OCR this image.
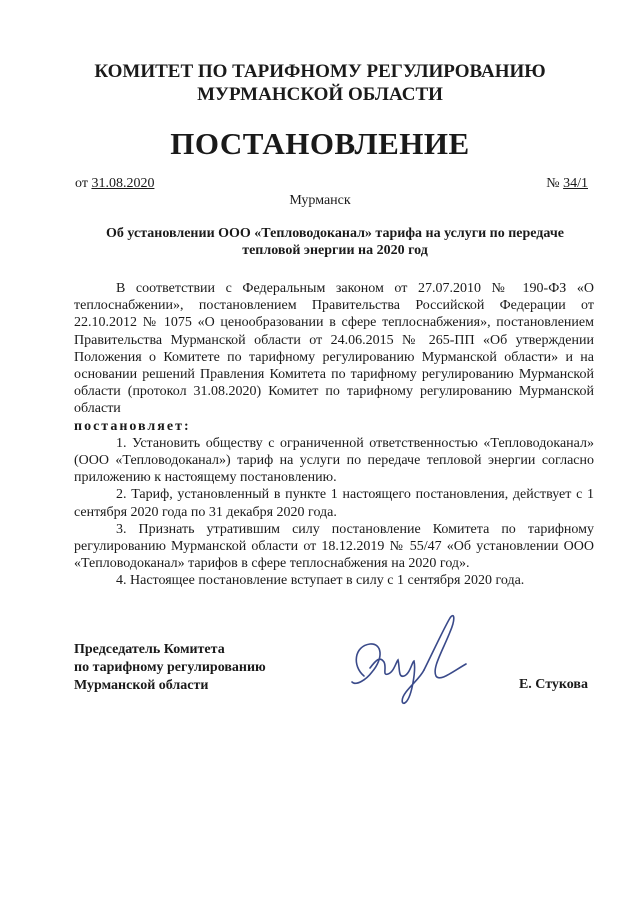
КОМИТЕТ ПО ТАРИФНОМУ РЕГУЛИРОВАНИЮ
МУРМАНСКОЙ ОБЛАСТИ
ПОСТАНОВЛЕНИЕ
от 31.08.2020	№ 34/1
Мурманск
Об установлении ООО «Тепловодоканал» тарифа на услуги по передаче
тепловой энергии на 2020 год

В соответствии с Федеральным законом от 27.07.2010 № 190-ФЗ «О теплоснабжении», постановлением Правительства Российской Федерации от 22.10.2012 № 1075 «О ценообразовании в сфере теплоснабжения», постановлением Правительства Мурманской области от 24.06.2015 № 265-ПП «Об утверждении Положения о Комитете по тарифному регулированию Мурманской области» и на основании решений Правления Комитета по тарифному регулированию Мурманской области (протокол 31.08.2020) Комитет по тарифному регулированию Мурманской области

постановляет:

1. Установить обществу с ограниченной ответственностью «Тепловодоканал» (ООО «Тепловодоканал») тариф на услуги по передаче тепловой энергии согласно приложению к настоящему постановлению.

2. Тариф, установленный в пункте 1 настоящего постановления, действует с 1 сентября 2020 года по 31 декабря 2020 года.

3. Признать утратившим силу постановление Комитета по тарифному регулированию Мурманской области от 18.12.2019 № 55/47 «Об установлении ООО «Тепловодоканал» тарифов в сфере теплоснабжения на 2020 год».

4. Настоящее постановление вступает в силу с 1 сентября 2020 года.

Председатель Комитета
по тарифному регулированию
Мурманской области	Е. Стукова
